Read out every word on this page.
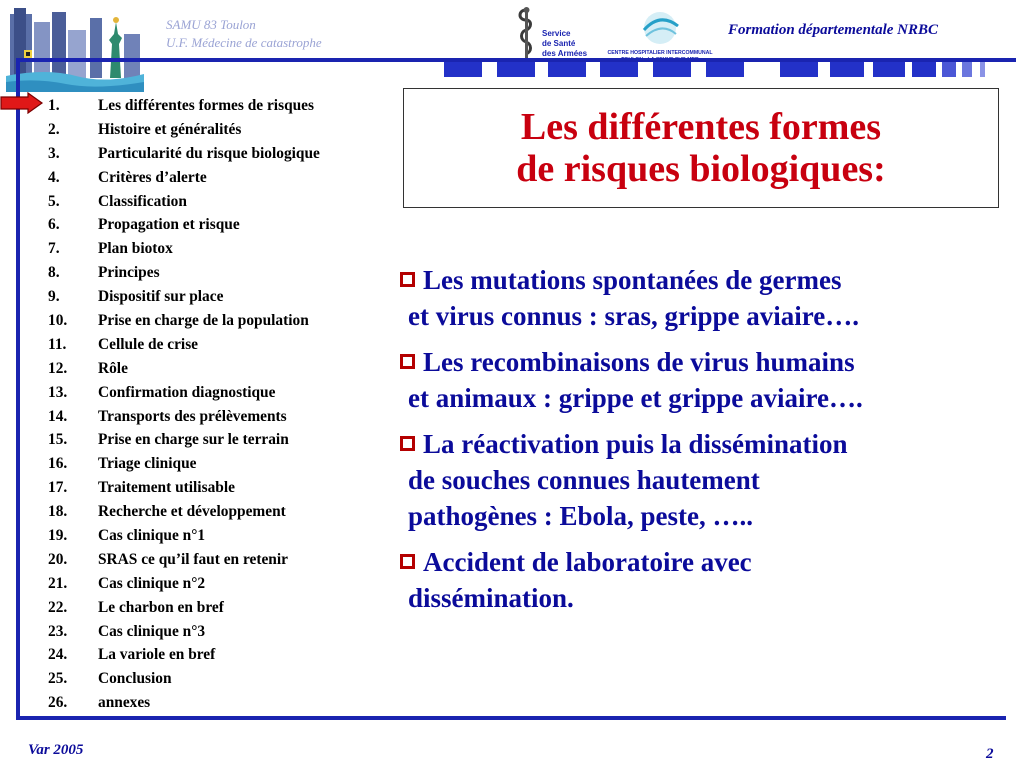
SAMU 83 Toulon
U.F. Médecine de catastrophe
Service
de Santé
des Armées	CENTRE HOSPITALIER INTERCOMMUNAL
Formation départementale NRBC
1. Les différentes formes de risques
2. Histoire et généralités
3. Particularité du risque biologique
4. Critères d’alerte
5. Classification
6. Propagation et risque
7. Plan biotox
8. Principes
9. Dispositif sur place
10. Prise en charge de la population
11. Cellule de crise
12. Rôle
13. Confirmation diagnostique
14. Transports des prélèvements
15. Prise en charge sur le terrain
16. Triage clinique
17. Traitement utilisable
18. Recherche et développement
19. Cas clinique n°1
20. SRAS ce qu’il faut en retenir
21. Cas clinique n°2
22. Le charbon en bref
23. Cas clinique n°3
24. La variole en bref
25. Conclusion
26. annexes
Les différentes formes
de risques biologiques:
Les mutations spontanées de germes
et virus connus : sras, grippe aviaire….
Les recombinaisons de virus humains
et animaux : grippe et grippe aviaire….
La réactivation puis la dissémination
de souches connues hautement
pathogènes : Ebola, peste, …..
Accident de laboratoire avec
dissémination.
Var 2005	2
